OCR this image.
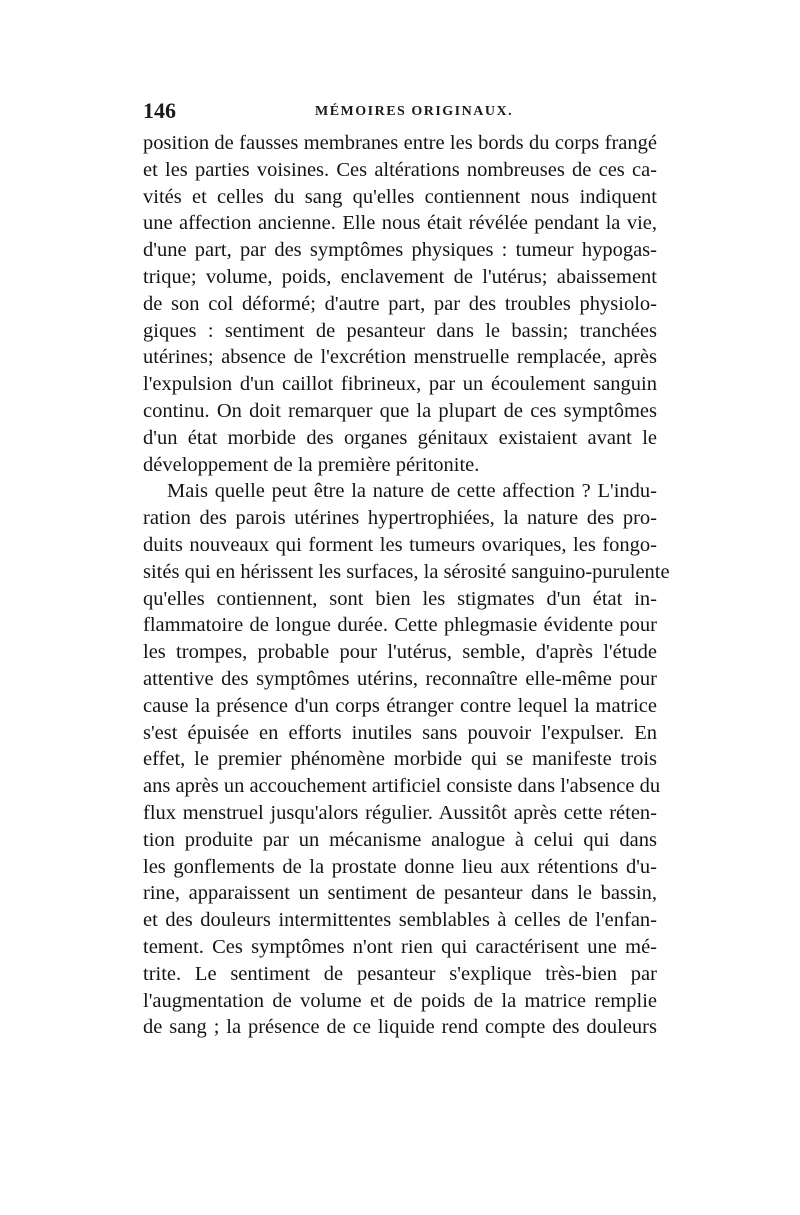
146	MÉMOIRES ORIGINAUX.
position de fausses membranes entre les bords du corps frangé
et les parties voisines. Ces altérations nombreuses de ces ca-
vités et celles du sang qu'elles contiennent nous indiquent
une affection ancienne. Elle nous était révélée pendant la vie,
d'une part, par des symptômes physiques : tumeur hypogas-
trique; volume, poids, enclavement de l'utérus; abaissement
de son col déformé; d'autre part, par des troubles physiolo-
giques : sentiment de pesanteur dans le bassin; tranchées
utérines; absence de l'excrétion menstruelle remplacée, après
l'expulsion d'un caillot fibrineux, par un écoulement sanguin
continu. On doit remarquer que la plupart de ces symptômes
d'un état morbide des organes génitaux existaient avant le
développement de la première péritonite.
Mais quelle peut être la nature de cette affection ? L'indu-
ration des parois utérines hypertrophiées, la nature des pro-
duits nouveaux qui forment les tumeurs ovariques, les fongo-
sités qui en hérissent les surfaces, la sérosité sanguino-purulente
qu'elles contiennent, sont bien les stigmates d'un état in-
flammatoire de longue durée. Cette phlegmasie évidente pour
les trompes, probable pour l'utérus, semble, d'après l'étude
attentive des symptômes utérins, reconnaître elle-même pour
cause la présence d'un corps étranger contre lequel la matrice
s'est épuisée en efforts inutiles sans pouvoir l'expulser. En
effet, le premier phénomène morbide qui se manifeste trois
ans après un accouchement artificiel consiste dans l'absence du
flux menstruel jusqu'alors régulier. Aussitôt après cette réten-
tion produite par un mécanisme analogue à celui qui dans
les gonflements de la prostate donne lieu aux rétentions d'u-
rine, apparaissent un sentiment de pesanteur dans le bassin,
et des douleurs intermittentes semblables à celles de l'enfan-
tement. Ces symptômes n'ont rien qui caractérisent une mé-
trite. Le sentiment de pesanteur s'explique très-bien par
l'augmentation de volume et de poids de la matrice remplie
de sang ; la présence de ce liquide rend compte des douleurs
